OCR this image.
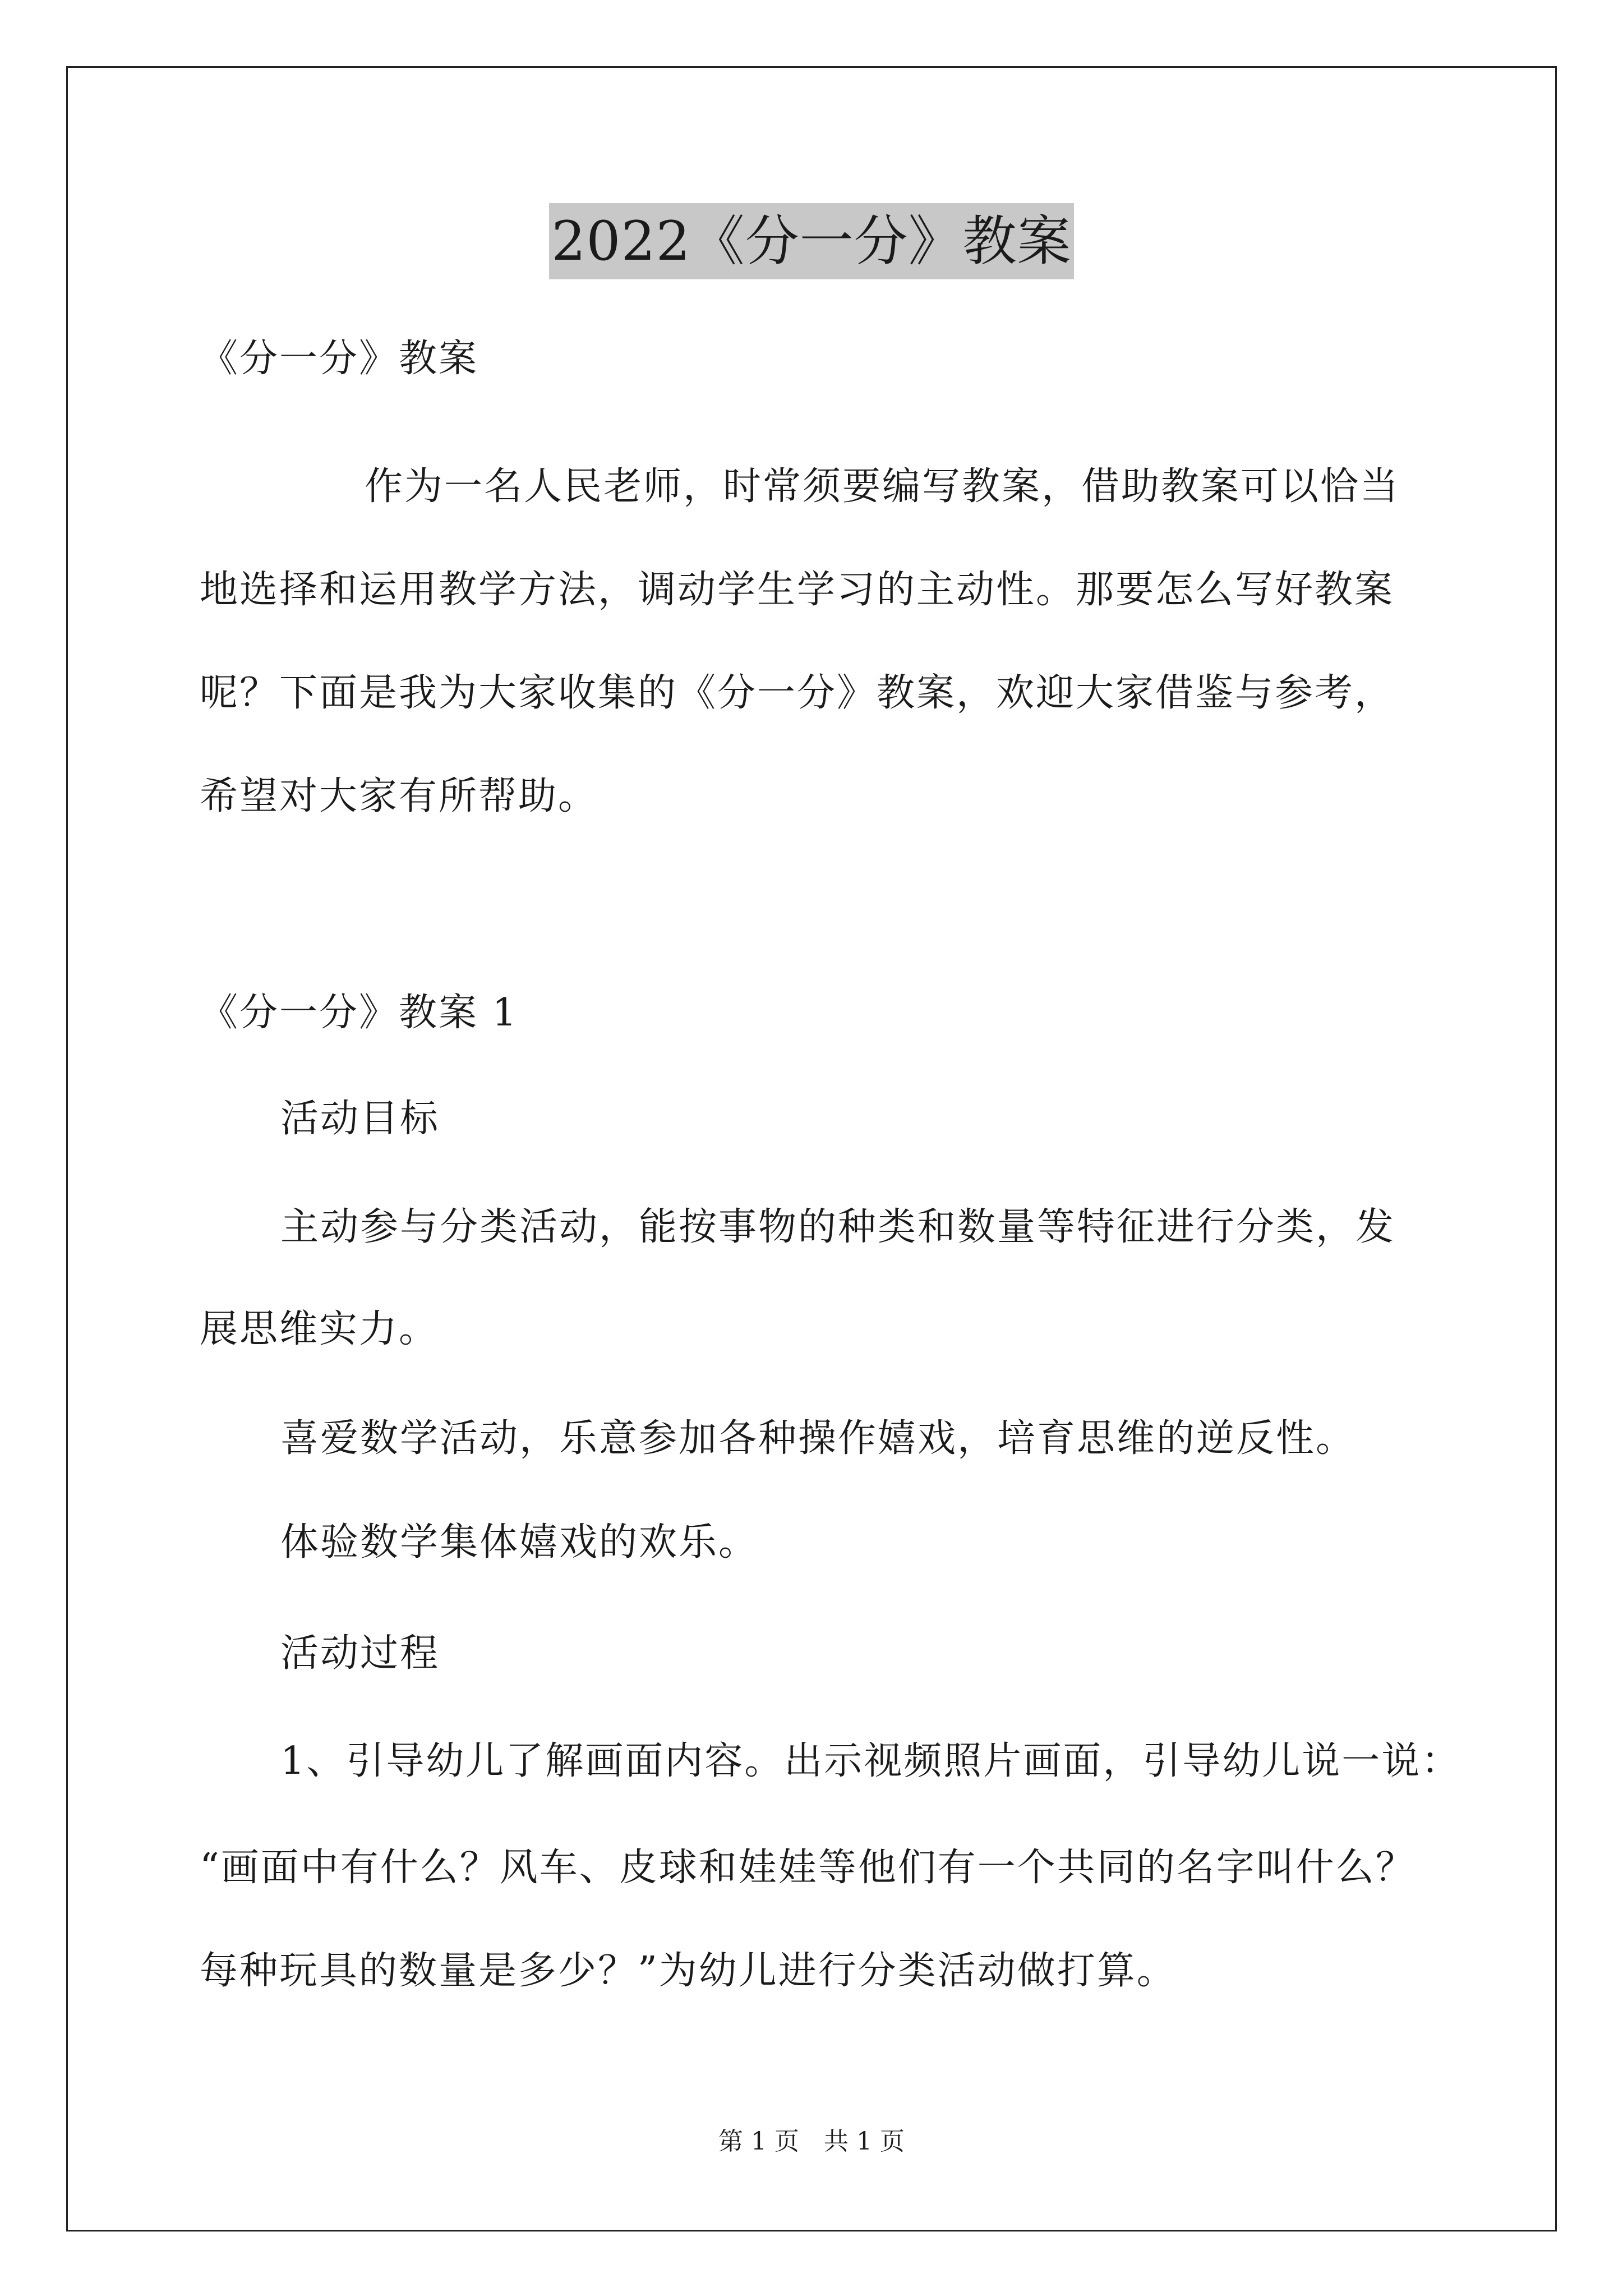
2022《分一分》教案
《分一分》教案
作为一名人民老师，时常须要编写教案，借助教案可以恰当
地选择和运用教学方法，调动学生学习的主动性。那要怎么写好教案
呢？下面是我为大家收集的《分一分》教案，欢迎大家借鉴与参考，
希望对大家有所帮助。
《分一分》教案 1
活动目标
主动参与分类活动，能按事物的种类和数量等特征进行分类，发
展思维实力。
喜爱数学活动，乐意参加各种操作嬉戏，培育思维的逆反性。
体验数学集体嬉戏的欢乐。
活动过程
1、引导幼儿了解画面内容。出示视频照片画面，引导幼儿说一说：
“画面中有什么？风车、皮球和娃娃等他们有一个共同的名字叫什么？
每种玩具的数量是多少？”为幼儿进行分类活动做打算。
第 1 页　共 1 页
